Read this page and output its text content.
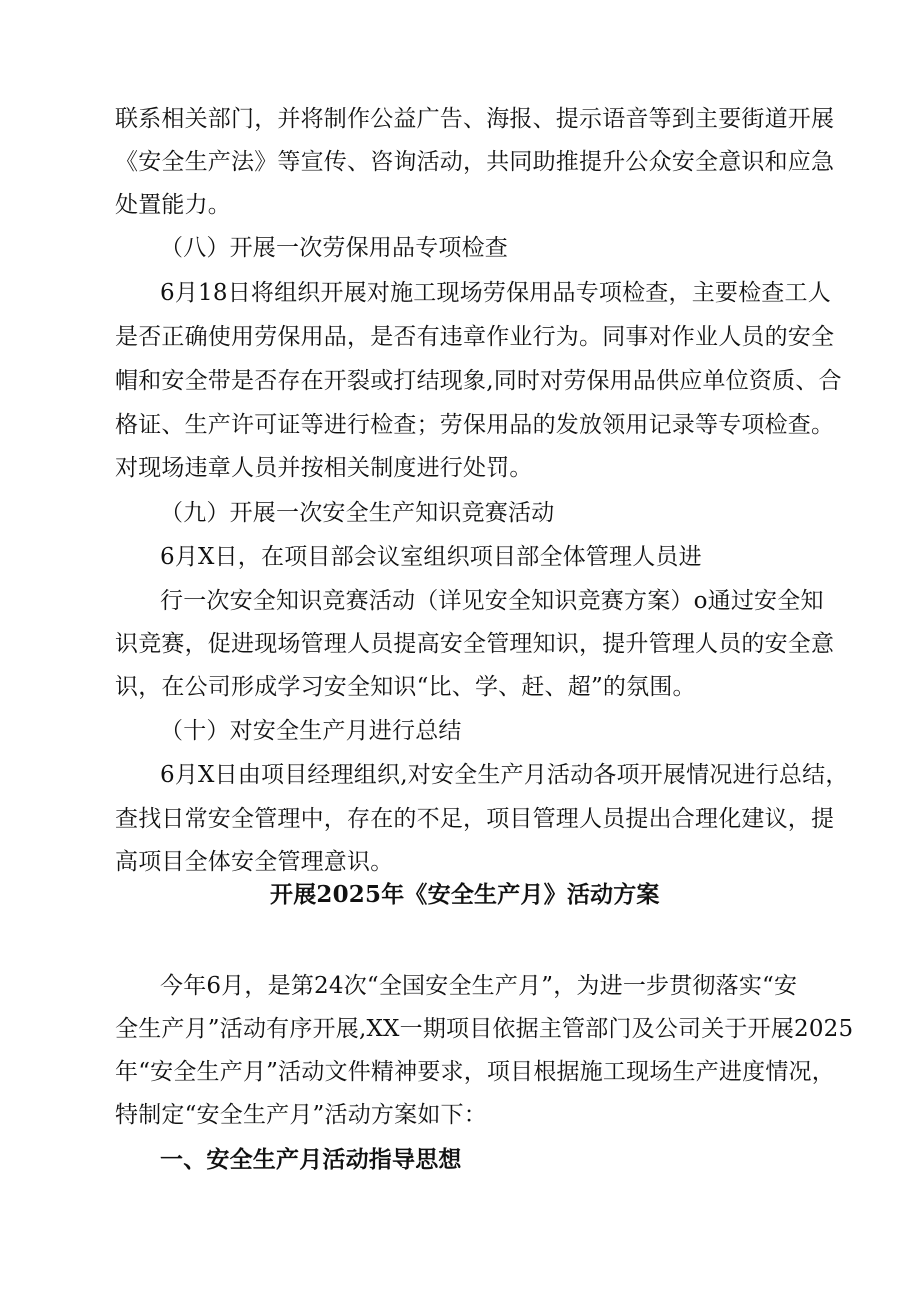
联系相关部门，并将制作公益广告、海报、提示语音等到主要街道开展
《安全生产法》等宣传、咨询活动，共同助推提升公众安全意识和应急
处置能力。
（八）开展一次劳保用品专项检查
6月18日将组织开展对施工现场劳保用品专项检查，主要检查工人
是否正确使用劳保用品，是否有违章作业行为。同事对作业人员的安全
帽和安全带是否存在开裂或打结现象,同时对劳保用品供应单位资质、合
格证、生产许可证等进行检查；劳保用品的发放领用记录等专项检查。
对现场违章人员并按相关制度进行处罚。
（九）开展一次安全生产知识竞赛活动
6月X日，在项目部会议室组织项目部全体管理人员进
行一次安全知识竞赛活动（详见安全知识竞赛方案）o通过安全知
识竞赛，促进现场管理人员提高安全管理知识，提升管理人员的安全意
识，在公司形成学习安全知识“比、学、赶、超”的氛围。
（十）对安全生产月进行总结
6月X日由项目经理组织,对安全生产月活动各项开展情况进行总结，
查找日常安全管理中，存在的不足，项目管理人员提出合理化建议，提
高项目全体安全管理意识。
开展2025年《安全生产月》活动方案
今年6月，是第24次“全国安全生产月”，为进一步贯彻落实“安
全生产月”活动有序开展,XX一期项目依据主管部门及公司关于开展2025
年“安全生产月”活动文件精神要求，项目根据施工现场生产进度情况，
特制定“安全生产月”活动方案如下：
一、安全生产月活动指导思想
